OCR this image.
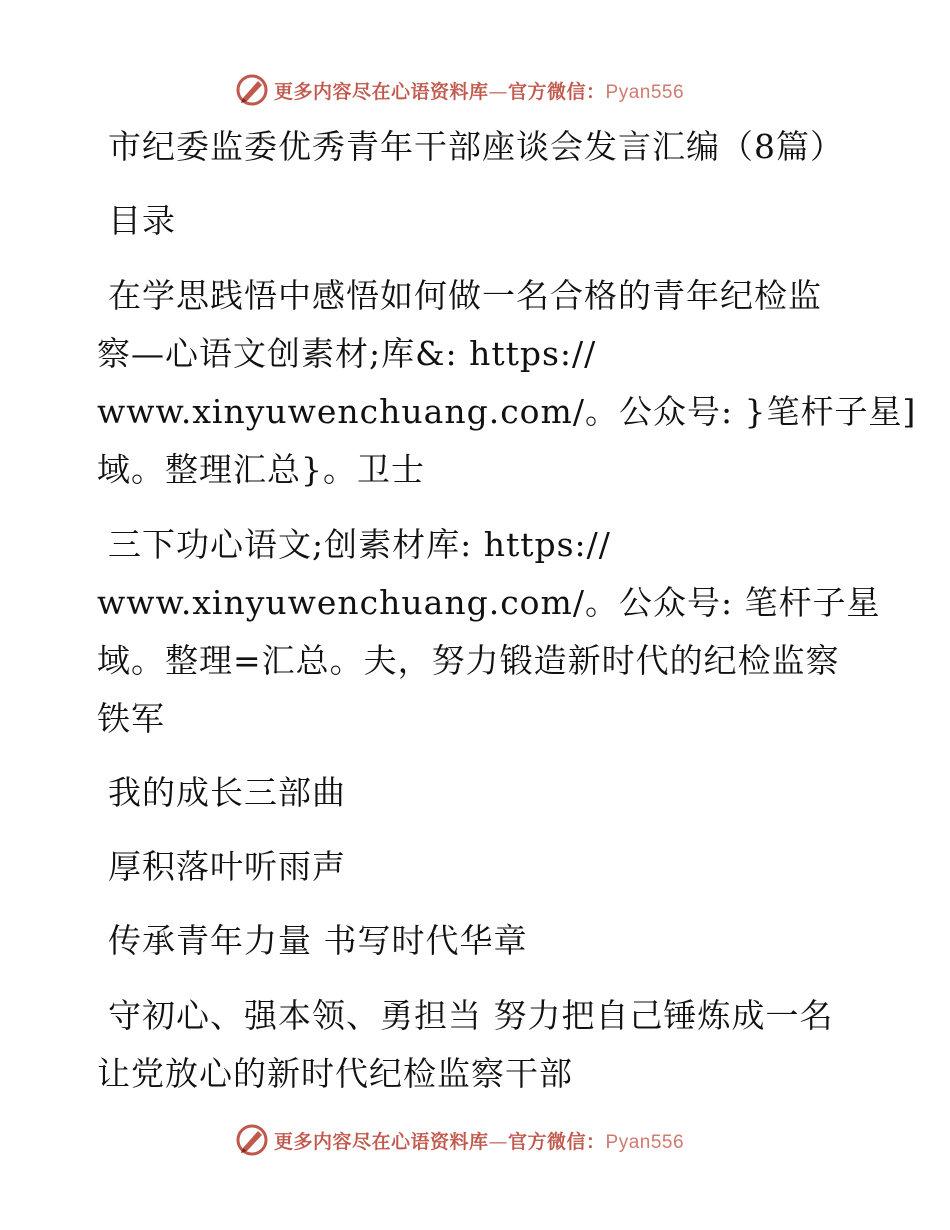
更多内容尽在心语资料库—官方微信：Pyan556
市纪委监委优秀青年干部座谈会发言汇编（8篇）
目录
在学思践悟中感悟如何做一名合格的青年纪检监
察—心语文创素材;库&: https://
www.xinyuwenchuang.com/。公众号: }笔杆子星]
域。整理汇总}。卫士
三下功心语文;创素材库: https://
www.xinyuwenchuang.com/。公众号: 笔杆子星
域。整理=汇总。夫，努力锻造新时代的纪检监察
铁军
我的成长三部曲
厚积落叶听雨声
传承青年力量 书写时代华章
守初心、强本领、勇担当 努力把自己锤炼成一名
让党放心的新时代纪检监察干部
更多内容尽在心语资料库—官方微信：Pyan556
